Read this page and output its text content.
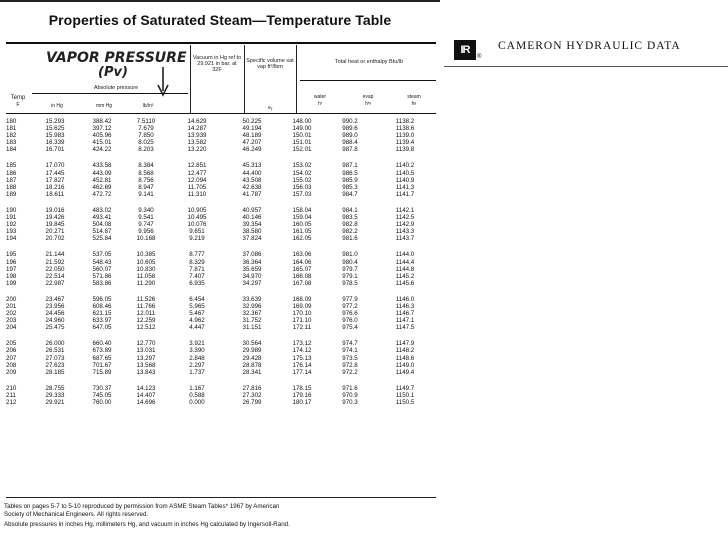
Properties of Saturated Steam—Temperature Table
VAPOR PRESSURE
(Pv)
Absolute pressure
Vacuum in Hg ref to 29.921 in bar. at 32F
Specific volume sat vap ft³/lbm
vᵧ
Total heat or enthalpy Btu/lb
Temp
F	in Hg	mm Hg	lb/in²
water
hᶠ
evap
hᶠᵍ
steam
hᵍ
180	15.293	388.42	7.5110	14.629	50.225	148.00	990.2	1138.2
181	15.625	397.12	7.679	14.287	49.194	149.00	989.6	1138.6
182	15.983	405.96	7.850	13.939	48.189	150.01	989.0	1139.0
183	16.339	415.01	8.025	13.582	47.207	151.01	988.4	1139.4
184	16.701	424.22	8.203	13.220	46.249	152.01	987.8	1139.8

185	17.070	433.58	8.384	12.851	45.313	153.02	987.1	1140.2
186	17.445	443.09	8.568	12.477	44.400	154.02	986.5	1140.5
187	17.827	452.81	8.756	12.094	43.508	155.02	985.9	1140.9
188	18.216	462.69	8.947	11.705	42.638	156.03	985.3	1141.3
189	18.611	472.72	9.141	11.310	41.787	157.03	984.7	1141.7

190	19.016	483.02	9.340	10.905	40.957	158.04	984.1	1142.1
191	19.426	493.41	9.541	10.495	40.146	159.04	983.5	1142.5
192	19.845	504.08	9.747	10.076	39.354	160.05	982.8	1142.9
193	20.271	514.87	9.956	9.651	38.580	161.05	982.2	1143.3
194	20.702	525.84	10.168	9.219	37.824	162.05	981.6	1143.7

195	21.144	537.05	10.385	8.777	37.086	163.06	981.0	1144.0
196	21.592	548.43	10.605	8.329	36.364	164.06	980.4	1144.4
197	22.050	560.07	10.830	7.871	35.659	165.07	979.7	1144.8
198	22.514	571.86	11.058	7.407	34.970	166.08	979.1	1145.2
199	22.987	583.86	11.290	6.935	34.297	167.08	978.5	1145.6

200	23.467	596.05	11.526	6.454	33.639	168.09	977.9	1146.0
201	23.956	608.46	11.766	5.965	32.996	169.09	977.2	1146.3
202	24.456	621.15	12.011	5.467	32.367	170.10	976.6	1146.7
203	24.960	633.97	12.259	4.962	31.752	171.10	976.0	1147.1
204	25.475	647.05	12.512	4.447	31.151	172.11	975.4	1147.5

205	26.000	660.40	12.770	3.921	30.564	173.12	974.7	1147.9
206	26.531	673.89	13.031	3.390	29.989	174.12	974.1	1148.2
207	27.073	687.65	13.297	2.848	29.428	175.13	973.5	1148.6
208	27.623	701.67	13.568	2.297	28.878	176.14	972.8	1149.0
209	28.185	715.89	13.843	1.737	28.341	177.14	972.2	1149.4

210	28.755	730.37	14.123	1.167	27.816	178.15	971.6	1149.7
211	29.333	745.05	14.407	0.588	27.302	179.16	970.9	1150.1
212	29.921	760.00	14.696	0.000	26.799	180.17	970.3	1150.5
Tables on pages 5-7 to 5-10 reproduced by permission from ASME Steam Tables* 1967 by American
Society of Mechanical Engineers. All rights reserved.
Absolute pressures in inches Hg, millimeters Hg, and vacuum in inches Hg calculated by Ingersoll-Rand.
IR
®
CAMERON HYDRAULIC DATA
